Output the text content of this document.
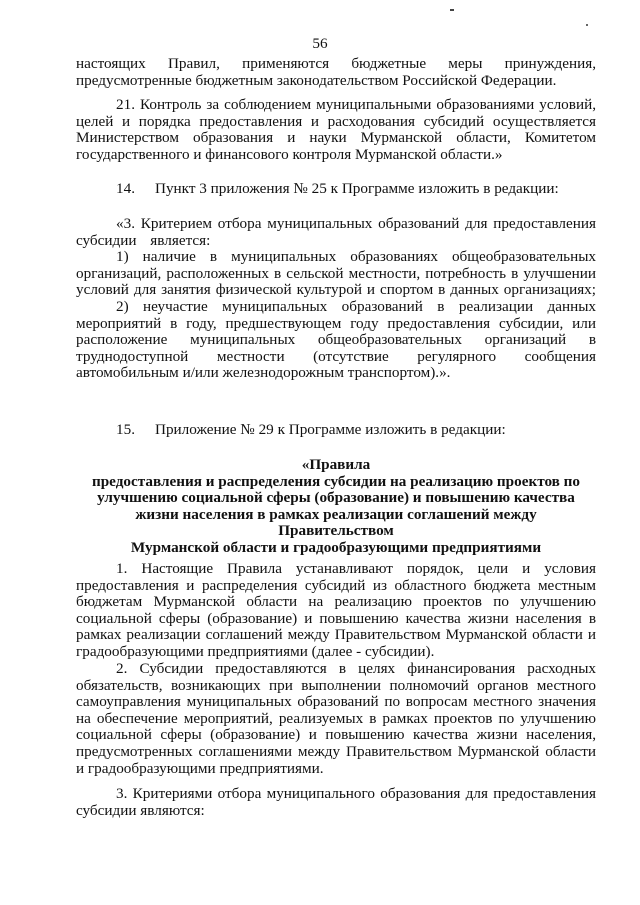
56

настоящих Правил, применяются бюджетные меры принуждения,

предусмотренные бюджетным законодательством Российской Федерации.

21. Контроль за соблюдением муниципальными образованиями условий,

целей и порядка предоставления и расходования субсидий осуществляется

Министерством образования и науки Мурманской области, Комитетом

государственного и финансового контроля Мурманской области.»

14. Пункт 3 приложения № 25 к Программе изложить в редакции:

«3. Критерием отбора муниципальных образований для предоставления

субсидии является:

1) наличие в муниципальных образованиях общеобразовательных

организаций, расположенных в сельской местности, потребность в улучшении

условий для занятия физической культурой и спортом в данных организациях;

2) неучастие муниципальных образований в реализации данных

мероприятий в году, предшествующем году предоставления субсидии, или

расположение муниципальных общеобразовательных организаций в

труднодоступной местности (отсутствие регулярного сообщения

автомобильным и/или железнодорожным транспортом).».

15. Приложение № 29 к Программе изложить в редакции:

«Правила
предоставления и распределения субсидии на реализацию проектов по
улучшению социальной сферы (образование) и повышению качества
жизни населения в рамках реализации соглашений между Правительством
Мурманской области и градообразующими предприятиями

1. Настоящие Правила устанавливают порядок, цели и условия

предоставления и распределения субсидий из областного бюджета местным

бюджетам Мурманской области на реализацию проектов по улучшению

социальной сферы (образование) и повышению качества жизни населения в

рамках реализации соглашений между Правительством Мурманской области и

градообразующими предприятиями (далее - субсидии).

2. Субсидии предоставляются в целях финансирования расходных

обязательств, возникающих при выполнении полномочий органов местного

самоуправления муниципальных образований по вопросам местного значения

на обеспечение мероприятий, реализуемых в рамках проектов по улучшению

социальной сферы (образование) и повышению качества жизни населения,

предусмотренных соглашениями между Правительством Мурманской области

и градообразующими предприятиями.

3. Критериями отбора муниципального образования для предоставления

субсидии являются:
